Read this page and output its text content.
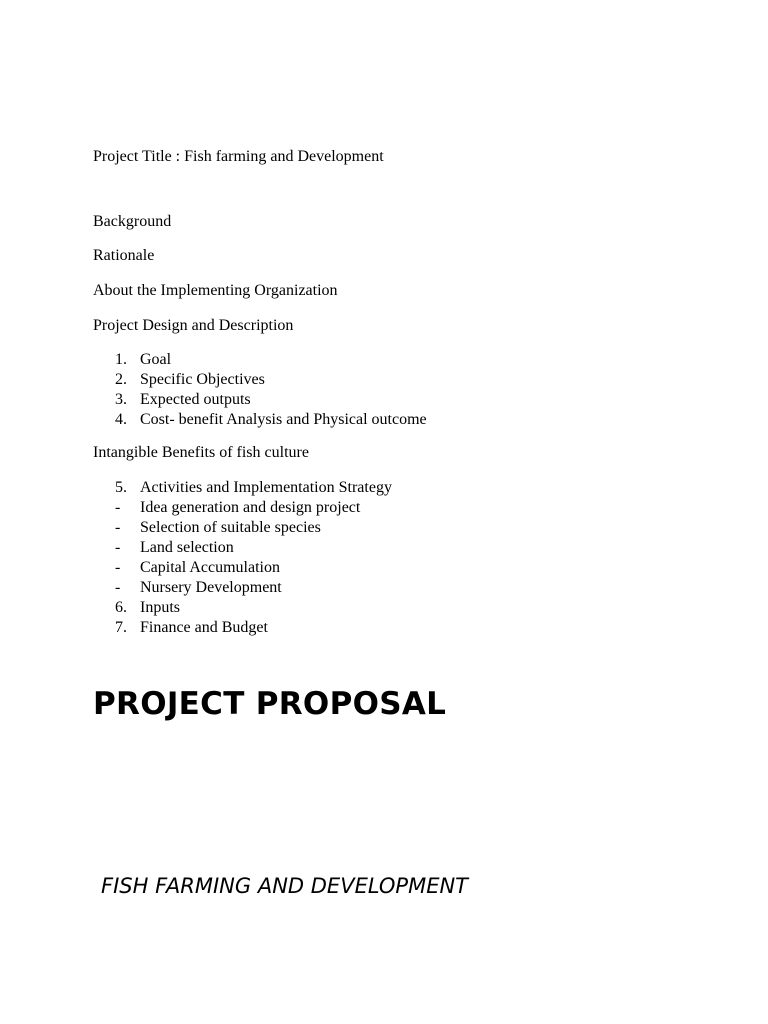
Project Title : Fish farming and Development
Background
Rationale
About the Implementing Organization
Project Design and Description
1. Goal
2. Specific Objectives
3. Expected outputs
4. Cost- benefit Analysis and Physical outcome
Intangible Benefits of fish culture
5. Activities and Implementation Strategy
-	Idea generation and design project
-	Selection of suitable species
-	Land selection
-	Capital Accumulation
-	Nursery Development
6. Inputs
7. Finance and Budget
PROJECT PROPOSAL
FISH FARMING AND DEVELOPMENT
